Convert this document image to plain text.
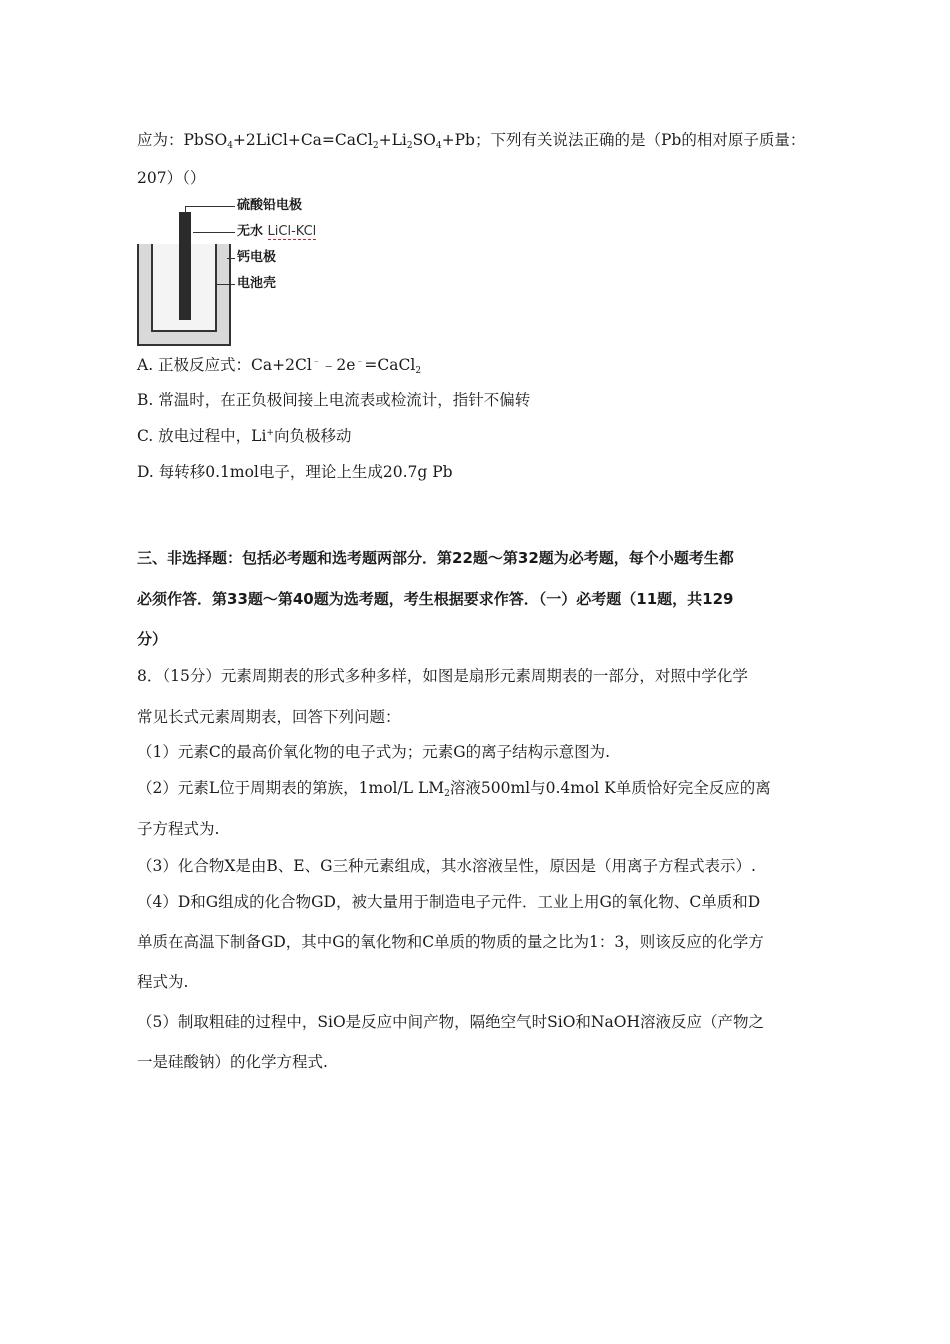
应为：$PbSO_4+2LiCl+Ca=CaCl_2+Li_2SO_4+Pb$；下列有关说法正确的是（Pb的相对原子质量：
207）（）
硫酸铅电极
无水 LiCl-KCl
钙电极
电池壳
A. 正极反应式：Ca+2Cl﹣﹣2e﹣=CaCl$_2$
B. 常温时，在正负极间接上电流表或检流计，指针不偏转
C. 放电过程中，Li+向负极移动
D. 每转移0.1mol电子，理论上生成20.7g Pb
三、非选择题：包括必考题和选考题两部分．第22题～第32题为必考题，每个小题考生都
必须作答．第33题～第40题为选考题，考生根据要求作答．（一）必考题（11题，共129
分）
8．（15分）元素周期表的形式多种多样，如图是扇形元素周期表的一部分，对照中学化学
常见长式元素周期表，回答下列问题：
（1）元素C的最高价氧化物的电子式为；元素G的离子结构示意图为.
（2）元素L位于周期表的第族，1mol/L $LM_2$溶液500ml与0.4mol K单质恰好完全反应的离
子方程式为.
（3）化合物X是由B、E、G三种元素组成，其水溶液呈性，原因是（用离子方程式表示）.
（4）D和G组成的化合物GD，被大量用于制造电子元件．工业上用G的氧化物、C单质和D
单质在高温下制备GD，其中G的氧化物和C单质的物质的量之比为1：3，则该反应的化学方
程式为.
（5）制取粗硅的过程中，SiO是反应中间产物，隔绝空气时SiO和NaOH溶液反应（产物之
一是硅酸钠）的化学方程式.
